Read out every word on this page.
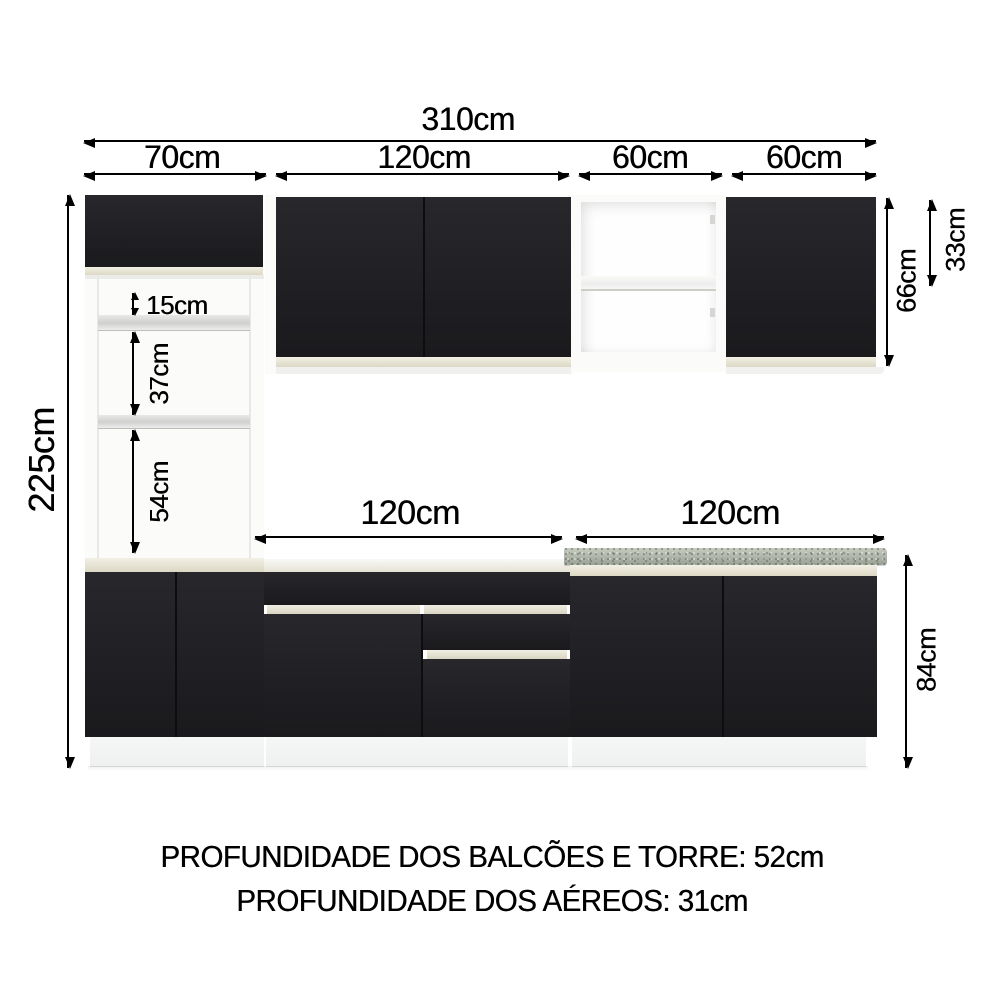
310cm
70cm	120cm	60cm 60cm
225cm
15cm
37cm
54cm	120cm	120cm
66cm
33cm
84cm
PROFUNDIDADE DOS BALCÕES E TORRE: 52cm
PROFUNDIDADE DOS AÉREOS: 31cm
